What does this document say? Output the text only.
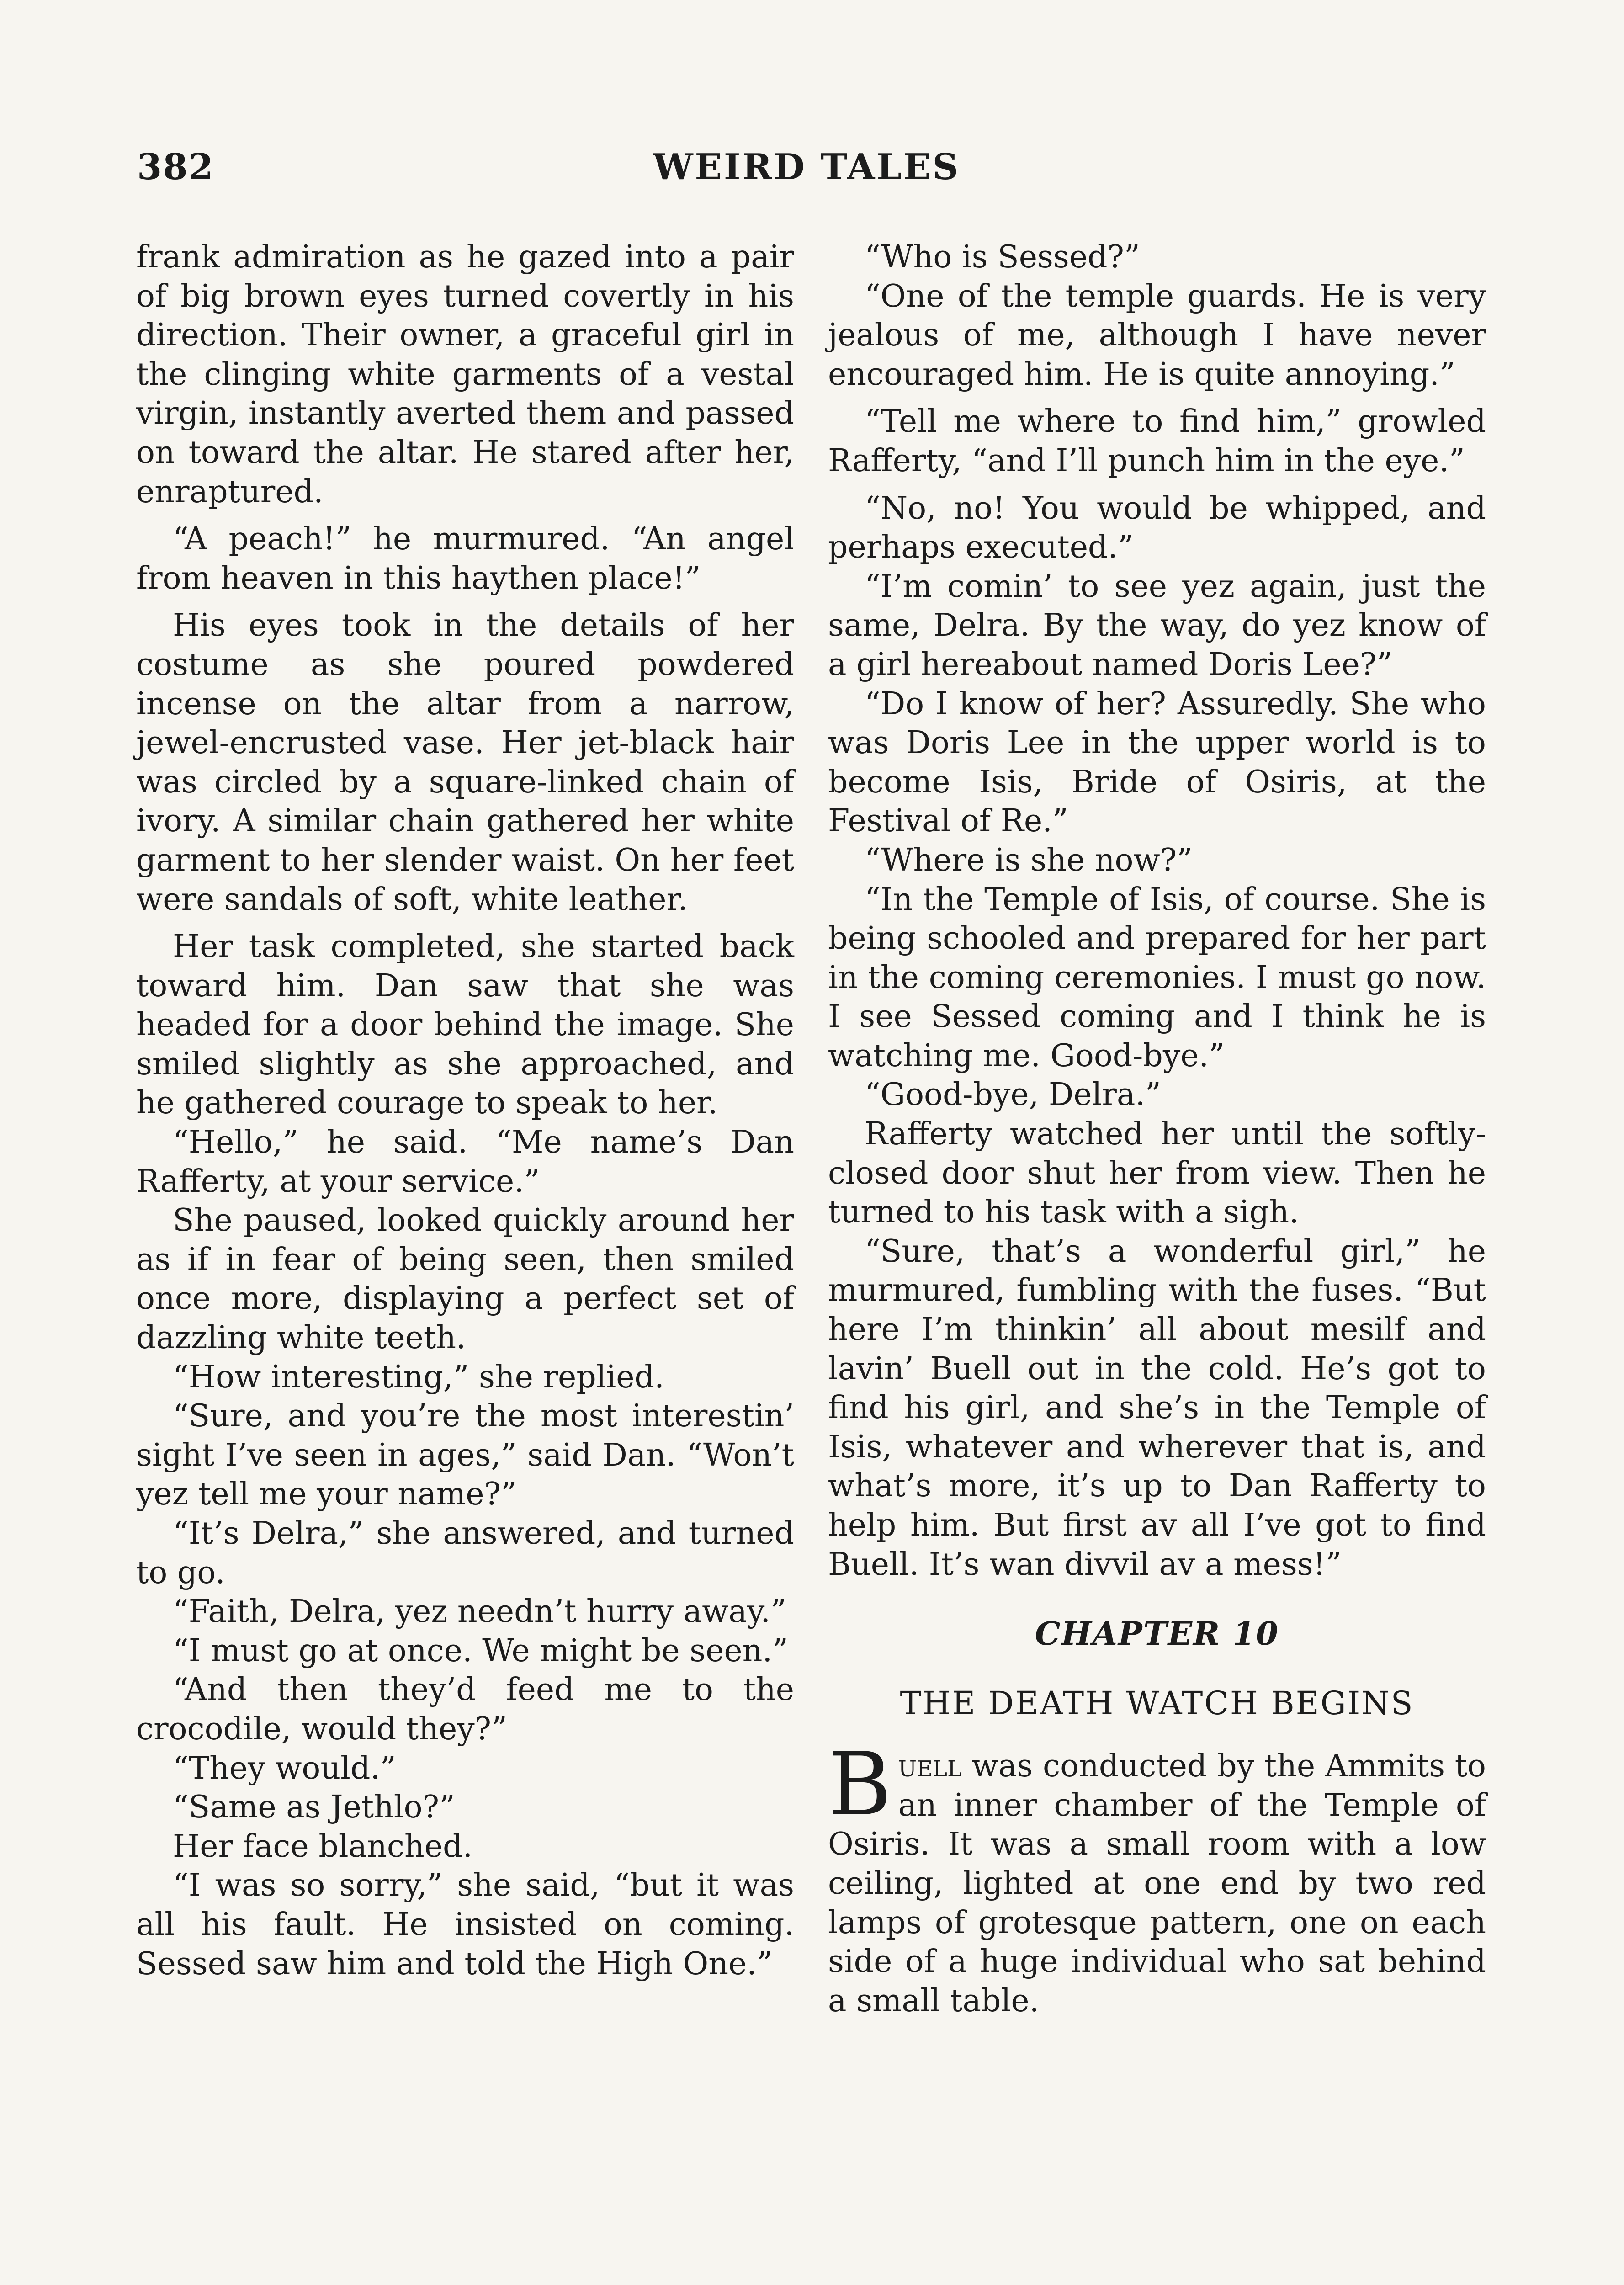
WEIRD TALES
382

frank admiration as he gazed into a pair of big brown eyes turned covertly in his direction. Their owner, a graceful girl in the clinging white garments of a vestal virgin, instantly averted them and passed on toward the altar. He stared after her, enraptured.

“A peach!” he murmured. “An angel from heaven in this haythen place!”

His eyes took in the details of her costume as she poured powdered incense on the altar from a narrow, jewel-encrusted vase. Her jet-black hair was circled by a square-linked chain of ivory. A similar chain gathered her white garment to her slender waist. On her feet were sandals of soft, white leather.

Her task completed, she started back toward him. Dan saw that she was headed for a door behind the image. She smiled slightly as she approached, and he gathered courage to speak to her.

“Hello,” he said. “Me name’s Dan Rafferty, at your service.”

She paused, looked quickly around her as if in fear of being seen, then smiled once more, displaying a perfect set of dazzling white teeth.

“How interesting,” she replied.

“Sure, and you’re the most interestin’ sight I’ve seen in ages,” said Dan. “Won’t yez tell me your name?”

“It’s Delra,” she answered, and turned to go.

“Faith, Delra, yez needn’t hurry away.”

“I must go at once. We might be seen.”

“And then they’d feed me to the crocodile, would they?”

“They would.”

“Same as Jethlo?”

Her face blanched.

“I was so sorry,” she said, “but it was all his fault. He insisted on coming. Sessed saw him and told the High One.”

“Who is Sessed?”

“One of the temple guards. He is very jealous of me, although I have never encouraged him. He is quite annoying.”

“Tell me where to find him,” growled Rafferty, “and I’ll punch him in the eye.”

“No, no! You would be whipped, and perhaps executed.”

“I’m comin’ to see yez again, just the same, Delra. By the way, do yez know of a girl hereabout named Doris Lee?”

“Do I know of her? Assuredly. She who was Doris Lee in the upper world is to become Isis, Bride of Osiris, at the Festival of Re.”

“Where is she now?”

“In the Temple of Isis, of course. She is being schooled and prepared for her part in the coming ceremonies. I must go now. I see Sessed coming and I think he is watching me. Good-bye.”

“Good-bye, Delra.”

Rafferty watched her until the softly-closed door shut her from view. Then he turned to his task with a sigh.

“Sure, that’s a wonderful girl,” he murmured, fumbling with the fuses. “But here I’m thinkin’ all about mesilf and lavin’ Buell out in the cold. He’s got to find his girl, and she’s in the Temple of Isis, whatever and wherever that is, and what’s more, it’s up to Dan Rafferty to help him. But first av all I’ve got to find Buell. It’s wan divvil av a mess!”

CHAPTER 10
THE DEATH WATCH BEGINS

Buell was conducted by the Ammits to an inner chamber of the Temple of Osiris. It was a small room with a low ceiling, lighted at one end by two red lamps of grotesque pattern, one on each side of a huge individual who sat behind a small table.
